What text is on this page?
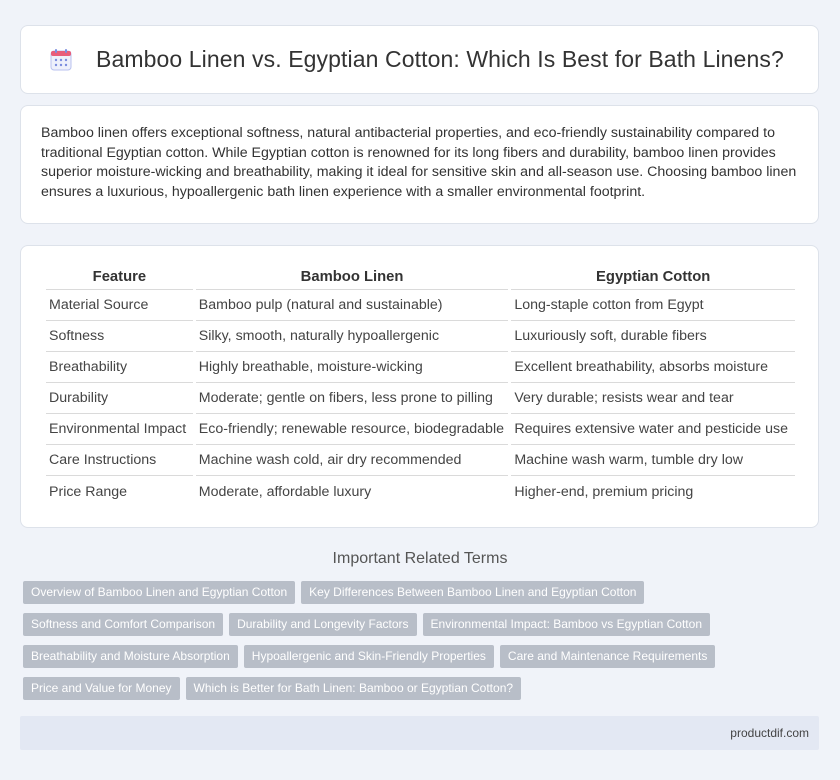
Bamboo Linen vs. Egyptian Cotton: Which Is Best for Bath Linens?

Bamboo linen offers exceptional softness, natural antibacterial properties, and eco-friendly sustainability compared to traditional Egyptian cotton. While Egyptian cotton is renowned for its long fibers and durability, bamboo linen provides superior moisture-wicking and breathability, making it ideal for sensitive skin and all-season use. Choosing bamboo linen ensures a luxurious, hypoallergenic bath linen experience with a smaller environmental footprint.

Feature	Bamboo Linen	Egyptian Cotton
Material Source	Bamboo pulp (natural and sustainable)	Long-staple cotton from Egypt
Softness	Silky, smooth, naturally hypoallergenic	Luxuriously soft, durable fibers
Breathability	Highly breathable, moisture-wicking	Excellent breathability, absorbs moisture
Durability	Moderate; gentle on fibers, less prone to pilling	Very durable; resists wear and tear
Environmental Impact	Eco-friendly; renewable resource, biodegradable	Requires extensive water and pesticide use
Care Instructions	Machine wash cold, air dry recommended	Machine wash warm, tumble dry low
Price Range	Moderate, affordable luxury	Higher-end, premium pricing
Important Related Terms
Overview of Bamboo Linen and Egyptian Cotton	Key Differences Between Bamboo Linen and Egyptian Cotton
Softness and Comfort Comparison	Durability and Longevity Factors	Environmental Impact: Bamboo vs Egyptian Cotton
Breathability and Moisture Absorption	Hypoallergenic and Skin-Friendly Properties	Care and Maintenance Requirements
Price and Value for Money	Which is Better for Bath Linen: Bamboo or Egyptian Cotton?
productdif.com
